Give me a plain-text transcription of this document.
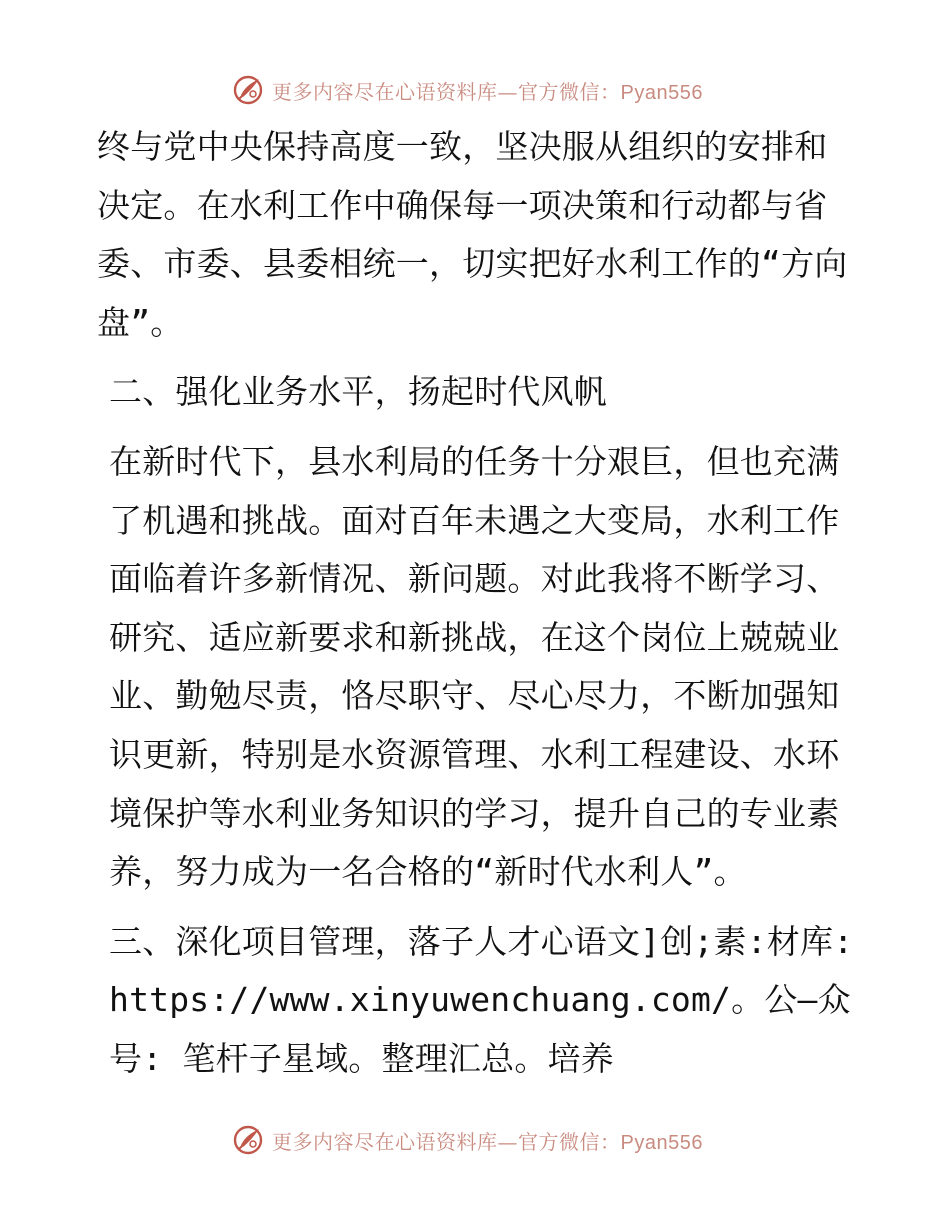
更多内容尽在心语资料库—官方微信：Pyan556

终与党中央保持高度一致，坚决服从组织的安排和决定。在水利工作中确保每一项决策和行动都与省委、市委、县委相统一，切实把好水利工作的“方向盘”。

二、强化业务水平，扬起时代风帆

在新时代下，县水利局的任务十分艰巨，但也充满了机遇和挑战。面对百年未遇之大变局，水利工作面临着许多新情况、新问题。对此我将不断学习、研究、适应新要求和新挑战，在这个岗位上兢兢业业、勤勉尽责，恪尽职守、尽心尽力，不断加强知识更新，特别是水资源管理、水利工程建设、水环境保护等水利业务知识的学习，提升自己的专业素养，努力成为一名合格的“新时代水利人”。

三、深化项目管理，落子人才心语文]创;素:材库: https://www.xinyuwenchuang.com/。公—众号: 笔杆子星域。整理汇总。培养

更多内容尽在心语资料库—官方微信：Pyan556
